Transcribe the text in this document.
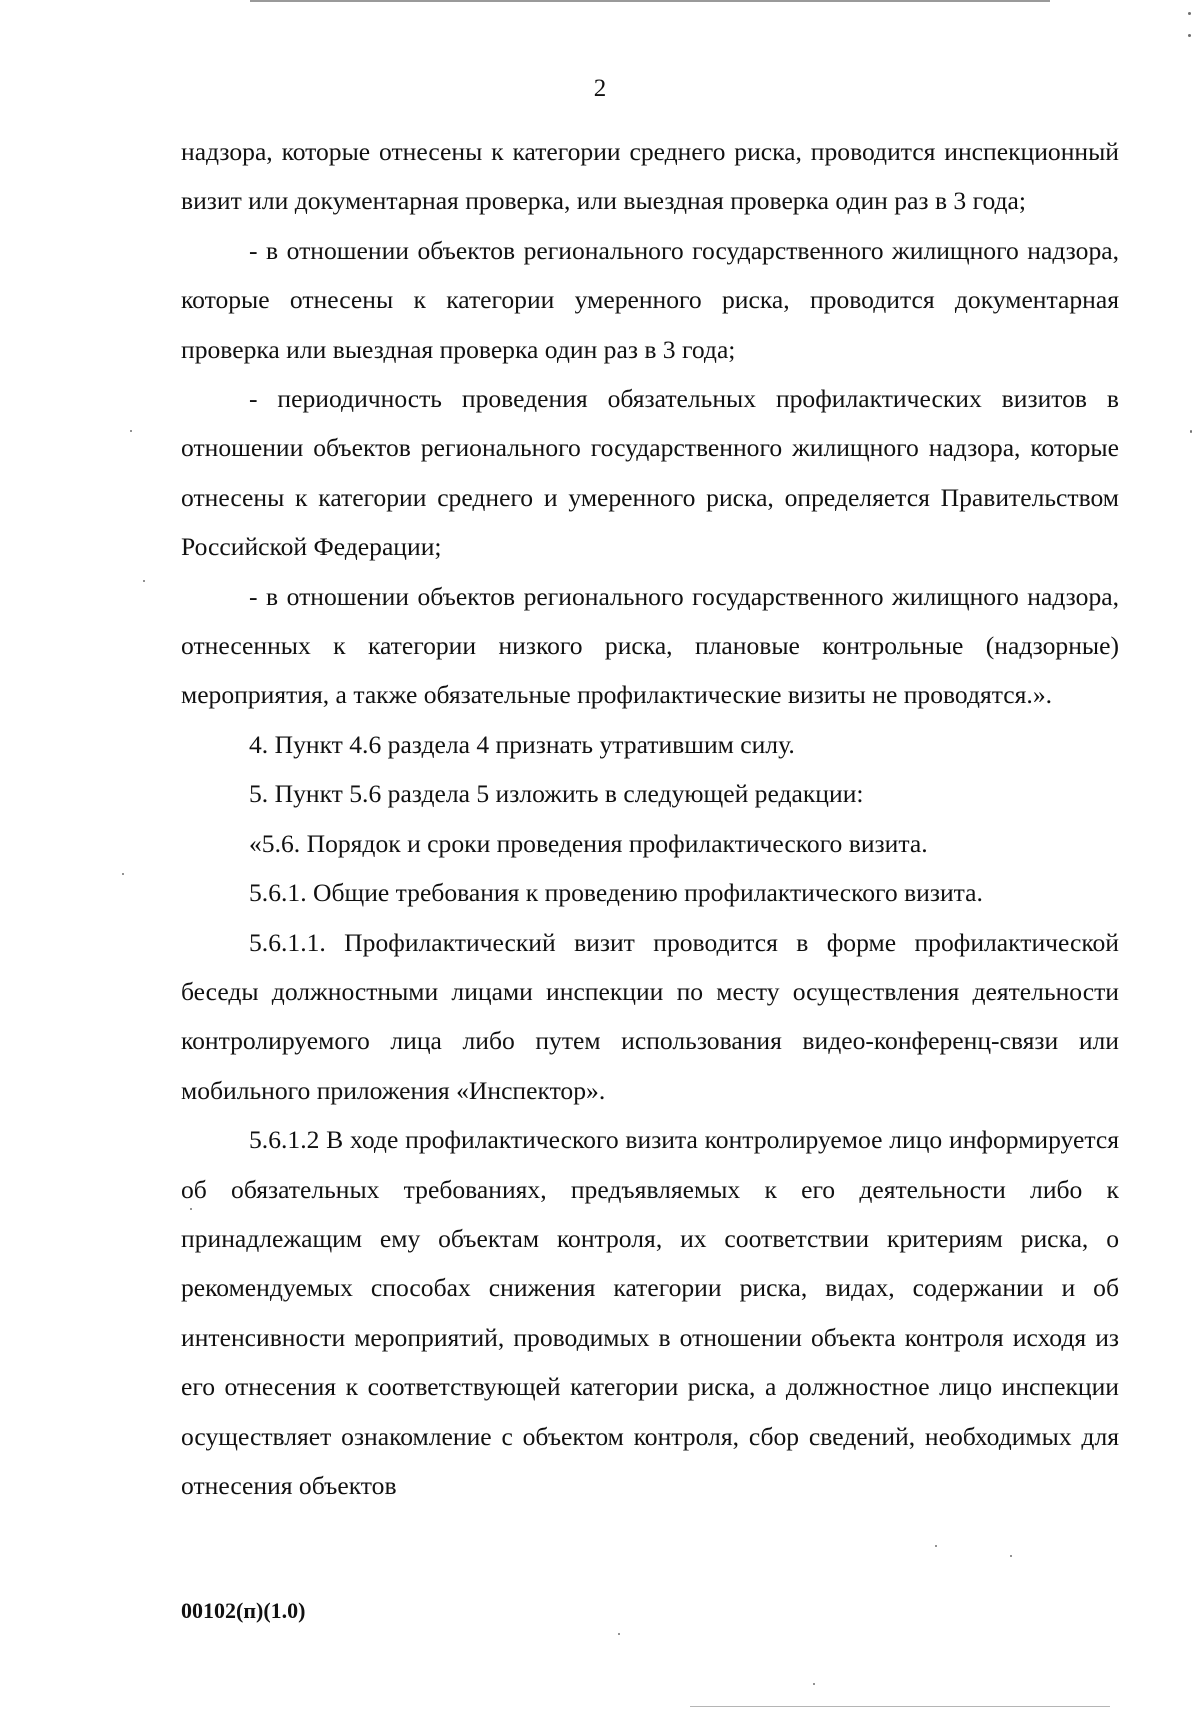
2

надзора, которые отнесены к категории среднего риска, проводится инспекционный визит или документарная проверка, или выездная проверка один раз в 3 года;

- в отношении объектов регионального государственного жилищного надзора, которые отнесены к категории умеренного риска, проводится документарная проверка или выездная проверка один раз в 3 года;

- периодичность проведения обязательных профилактических визитов в отношении объектов регионального государственного жилищного надзора, которые отнесены к категории среднего и умеренного риска, определяется Правительством Российской Федерации;

- в отношении объектов регионального государственного жилищного надзора, отнесенных к категории низкого риска, плановые контрольные (надзорные) мероприятия, а также обязательные профилактические визиты не проводятся.».

4. Пункт 4.6 раздела 4 признать утратившим силу.

5. Пункт 5.6 раздела 5 изложить в следующей редакции:

«5.6. Порядок и сроки проведения профилактического визита.

5.6.1. Общие требования к проведению профилактического визита.

5.6.1.1. Профилактический визит проводится в форме профилактической беседы должностными лицами инспекции по месту осуществления деятельности контролируемого лица либо путем использования видео-конференц-связи или мобильного приложения «Инспектор».

5.6.1.2 В ходе профилактического визита контролируемое лицо информируется об обязательных требованиях, предъявляемых к его деятельности либо к принадлежащим ему объектам контроля, их соответствии критериям риска, о рекомендуемых способах снижения категории риска, видах, содержании и об интенсивности мероприятий, проводимых в отношении объекта контроля исходя из его отнесения к соответствующей категории риска, а должностное лицо инспекции осуществляет ознакомление с объектом контроля, сбор сведений, необходимых для отнесения объектов

00102(п)(1.0)
